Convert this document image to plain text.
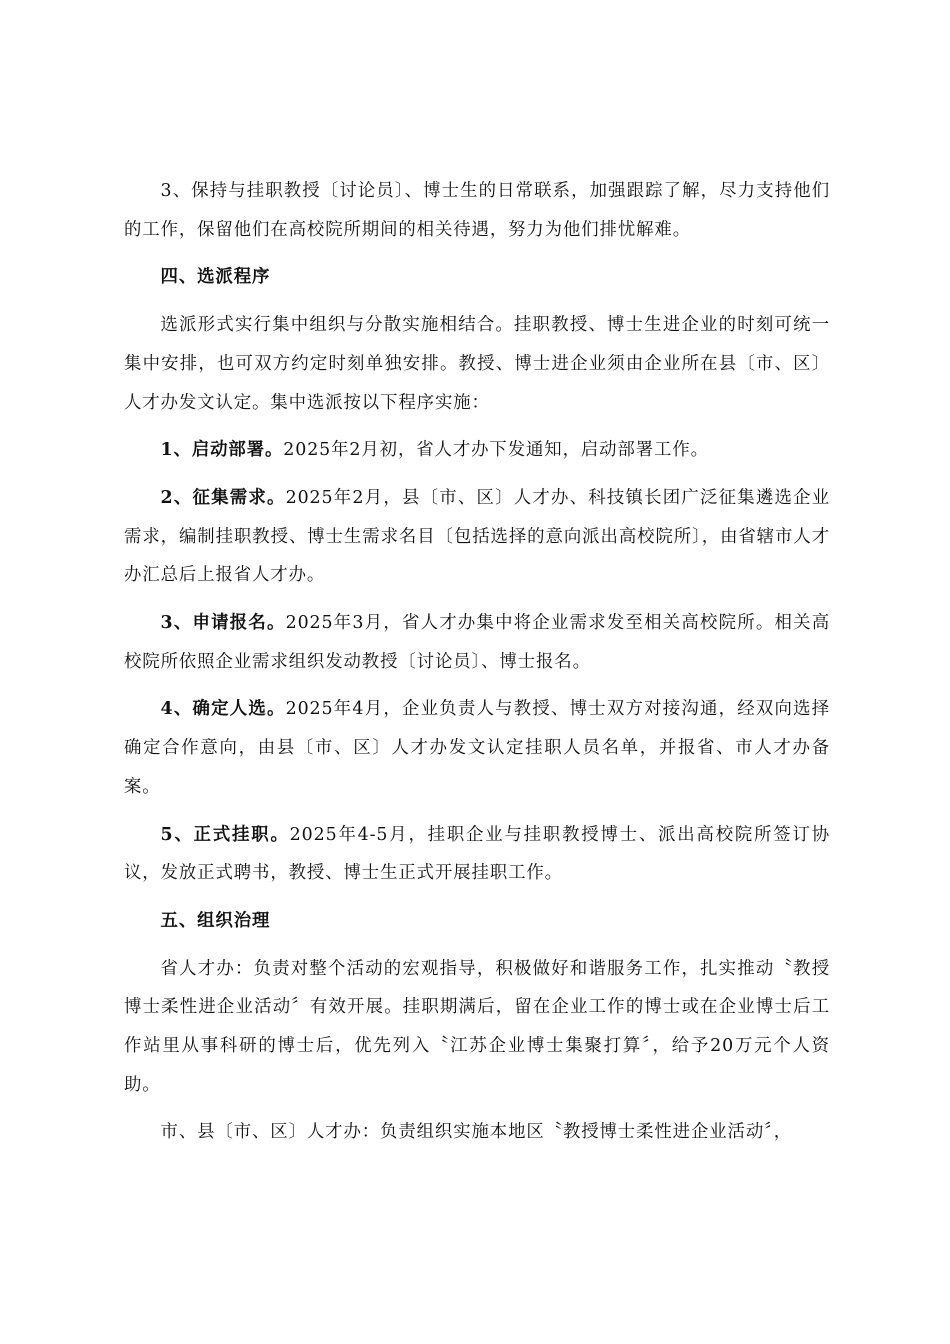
3、保持与挂职教授〔讨论员〕、博士生的日常联系，加强跟踪了解，尽力支持他们的工作，保留他们在高校院所期间的相关待遇，努力为他们排忧解难。

四、选派程序

选派形式实行集中组织与分散实施相结合。挂职教授、博士生进企业的时刻可统一集中安排，也可双方约定时刻单独安排。教授、博士进企业须由企业所在县〔市、区〕人才办发文认定。集中选派按以下程序实施：

1、启动部署。2025年2月初，省人才办下发通知，启动部署工作。

2、征集需求。2025年2月，县〔市、区〕人才办、科技镇长团广泛征集遴选企业需求，编制挂职教授、博士生需求名目〔包括选择的意向派出高校院所〕，由省辖市人才办汇总后上报省人才办。

3、申请报名。2025年3月，省人才办集中将企业需求发至相关高校院所。相关高校院所依照企业需求组织发动教授〔讨论员〕、博士报名。

4、确定人选。2025年4月，企业负责人与教授、博士双方对接沟通，经双向选择确定合作意向，由县〔市、区〕人才办发文认定挂职人员名单，并报省、市人才办备案。

5、正式挂职。2025年4-5月，挂职企业与挂职教授博士、派出高校院所签订协议，发放正式聘书，教授、博士生正式开展挂职工作。

五、组织治理

省人才办：负责对整个活动的宏观指导，积极做好和谐服务工作，扎实推动〝教授博士柔性进企业活动〞有效开展。挂职期满后，留在企业工作的博士或在企业博士后工作站里从事科研的博士后，优先列入〝江苏企业博士集聚打算〞，给予20万元个人资助。

市、县〔市、区〕人才办：负责组织实施本地区〝教授博士柔性进企业活动〞，
